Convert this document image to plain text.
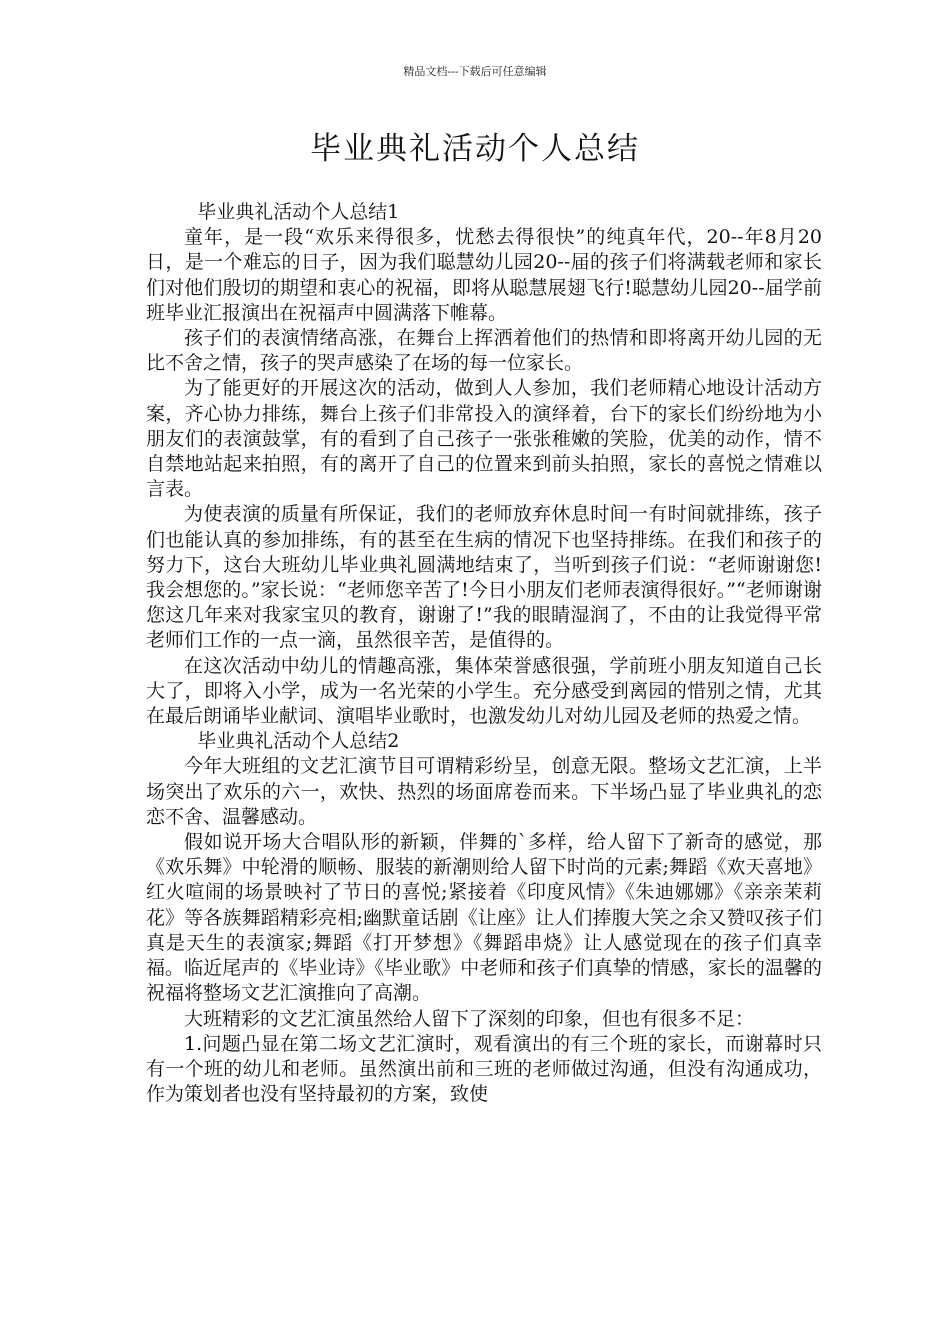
精品文档---下载后可任意编辑
毕业典礼活动个人总结

毕业典礼活动个人总结1

童年，是一段“欢乐来得很多，忧愁去得很快”的纯真年代，20--年8月20日，是一个难忘的日子，因为我们聪慧幼儿园20--届的孩子们将满载老师和家长们对他们殷切的期望和衷心的祝福，即将从聪慧展翅飞行!聪慧幼儿园20--届学前班毕业汇报演出在祝福声中圆满落下帷幕。

孩子们的表演情绪高涨，在舞台上挥洒着他们的热情和即将离开幼儿园的无比不舍之情，孩子的哭声感染了在场的每一位家长。

为了能更好的开展这次的活动，做到人人参加，我们老师精心地设计活动方案，齐心协力排练，舞台上孩子们非常投入的演绎着，台下的家长们纷纷地为小朋友们的表演鼓掌，有的看到了自己孩子一张张稚嫩的笑脸，优美的动作，情不自禁地站起来拍照，有的离开了自己的位置来到前头拍照，家长的喜悦之情难以言表。

为使表演的质量有所保证，我们的老师放弃休息时间一有时间就排练，孩子们也能认真的参加排练，有的甚至在生病的情况下也坚持排练。在我们和孩子的努力下，这台大班幼儿毕业典礼圆满地结束了，当听到孩子们说：“老师谢谢您!我会想您的。”家长说：“老师您辛苦了!今日小朋友们老师表演得很好。”“老师谢谢您这几年来对我家宝贝的教育，谢谢了!”我的眼睛湿润了，不由的让我觉得平常老师们工作的一点一滴，虽然很辛苦，是值得的。

在这次活动中幼儿的情趣高涨，集体荣誉感很强，学前班小朋友知道自己长大了，即将入小学，成为一名光荣的小学生。充分感受到离园的惜别之情，尤其在最后朗诵毕业献词、演唱毕业歌时，也激发幼儿对幼儿园及老师的热爱之情。

毕业典礼活动个人总结2

今年大班组的文艺汇演节目可谓精彩纷呈，创意无限。整场文艺汇演，上半场突出了欢乐的六一，欢快、热烈的场面席卷而来。下半场凸显了毕业典礼的恋恋不舍、温馨感动。

假如说开场大合唱队形的新颖，伴舞的`多样，给人留下了新奇的感觉，那《欢乐舞》中轮滑的顺畅、服装的新潮则给人留下时尚的元素;舞蹈《欢天喜地》红火喧闹的场景映衬了节日的喜悦;紧接着《印度风情》《朱迪娜娜》《亲亲茉莉花》等各族舞蹈精彩亮相;幽默童话剧《让座》让人们捧腹大笑之余又赞叹孩子们真是天生的表演家;舞蹈《打开梦想》《舞蹈串烧》让人感觉现在的孩子们真幸福。临近尾声的《毕业诗》《毕业歌》中老师和孩子们真挚的情感，家长的温馨的祝福将整场文艺汇演推向了高潮。

大班精彩的文艺汇演虽然给人留下了深刻的印象，但也有很多不足：

1.问题凸显在第二场文艺汇演时，观看演出的有三个班的家长，而谢幕时只有一个班的幼儿和老师。虽然演出前和三班的老师做过沟通，但没有沟通成功，作为策划者也没有坚持最初的方案，致使
